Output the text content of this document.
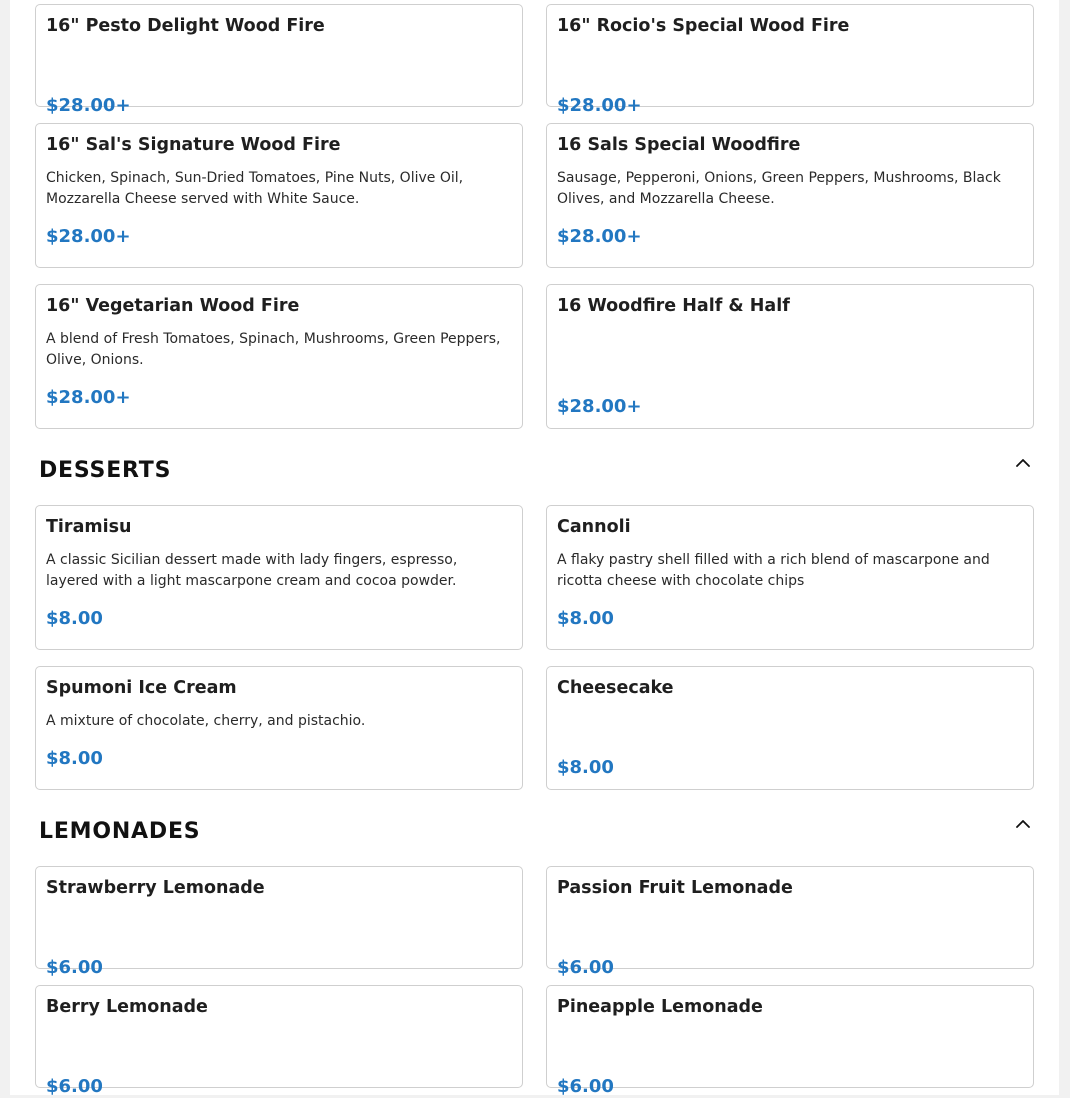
16" Pesto Delight Wood Fire
$28.00+
16" Rocio's Special Wood Fire
$28.00+
16" Sal's Signature Wood Fire
Chicken, Spinach, Sun-Dried Tomatoes, Pine Nuts, Olive Oil, Mozzarella Cheese served with White Sauce.
$28.00+
16 Sals Special Woodfire
Sausage, Pepperoni, Onions, Green Peppers, Mushrooms, Black Olives, and Mozzarella Cheese.
$28.00+
16" Vegetarian Wood Fire
A blend of Fresh Tomatoes, Spinach, Mushrooms, Green Peppers, Olive, Onions.
$28.00+
16 Woodfire Half & Half
$28.00+
DESSERTS
Tiramisu
A classic Sicilian dessert made with lady fingers, espresso, layered with a light mascarpone cream and cocoa powder.
$8.00
Cannoli
A flaky pastry shell filled with a rich blend of mascarpone and ricotta cheese with chocolate chips
$8.00
Spumoni Ice Cream
A mixture of chocolate, cherry, and pistachio.
$8.00
Cheesecake
$8.00
LEMONADES
Strawberry Lemonade
$6.00
Passion Fruit Lemonade
$6.00
Berry Lemonade
$6.00
Pineapple Lemonade
$6.00
